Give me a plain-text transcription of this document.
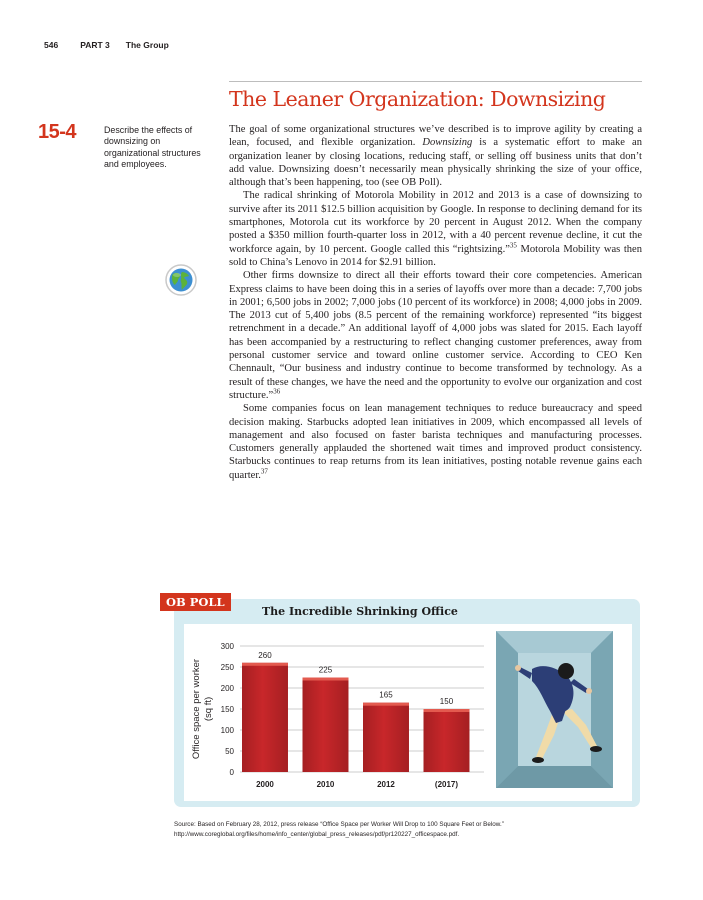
546	PART 3 The Group
The Leaner Organization: Downsizing
15-4	Describe the effects of downsizing on organizational structures and employees.

The goal of some organizational structures we’ve described is to improve agility by creating a lean, focused, and flexible organization. Downsizing is a systematic effort to make an organization leaner by closing locations, reducing staff, or selling off business units that don’t add value. Downsizing doesn’t necessarily mean physically shrinking the size of your office, although that’s been happening, too (see OB Poll).

The radical shrinking of Motorola Mobility in 2012 and 2013 is a case of downsizing to survive after its 2011 $12.5 billion acquisition by Google. In response to declining demand for its smartphones, Motorola cut its workforce by 20 percent in August 2012. When the company posted a $350 million fourth-quarter loss in 2012, with a 40 percent revenue decline, it cut the workforce again, by 10 percent. Google called this “rightsizing.”$^{35}$ Motorola Mobility was then sold to China’s Lenovo in 2014 for $2.91 billion.

Other firms downsize to direct all their efforts toward their core competencies. American Express claims to have been doing this in a series of layoffs over more than a decade: 7,700 jobs in 2001; 6,500 jobs in 2002; 7,000 jobs (10 percent of its workforce) in 2008; 4,000 jobs in 2009. The 2013 cut of 5,400 jobs (8.5 percent of the remaining workforce) represented “its biggest retrenchment in a decade.” An additional layoff of 4,000 jobs was slated for 2015. Each layoff has been accompanied by a restructuring to reflect changing customer preferences, away from personal customer service and toward online customer service. According to CEO Ken Chennault, “Our business and industry continue to become transformed by technology. As a result of these changes, we have the need and the opportunity to evolve our organization and cost structure.”$^{36}$

Some companies focus on lean management techniques to reduce bureaucracy and speed decision making. Starbucks adopted lean initiatives in 2009, which encompassed all levels of management and also focused on faster barista techniques and manufacturing processes. Customers generally applauded the shortened wait times and improved product consistency. Starbucks continues to reap returns from its lean initiatives, posting notable revenue gains each quarter.$^{37}$

OB POLL
The Incredible Shrinking Office
0
50
100
150
200
250
300
260
2000
225
2010
165
2012
150
(2017)
Office space per worker(sq ft)
Source: Based on February 28, 2012, press release “Office Space per Worker Will Drop to 100 Square Feet or Below.” http://www.coreglobal.org/files/home/info_center/global_press_releases/pdf/pr120227_officespace.pdf.
